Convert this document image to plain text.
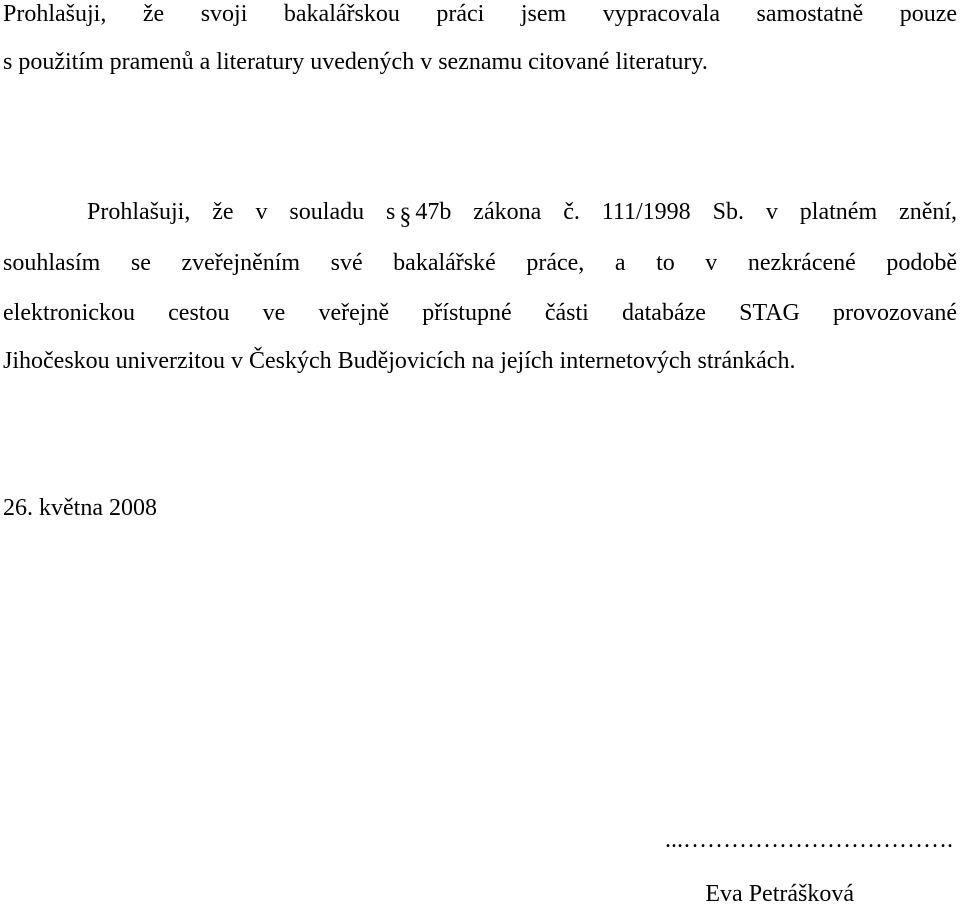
Prohlašuji, že svoji bakalářskou práci jsem vypracovala samostatně pouze
s použitím pramenů a literatury uvedených v seznamu citované literatury.
Prohlašuji, že v souladu s § 47b zákona č. 111/1998 Sb. v platném znění,
souhlasím se zveřejněním své bakalářské práce, a to v nezkrácené podobě
elektronickou cestou ve veřejně přístupné části databáze STAG provozované
Jihočeskou univerzitou v Českých Budějovicích na jejích internetových stránkách.
26. května 2008
...…………………………….
Eva Petrášková
